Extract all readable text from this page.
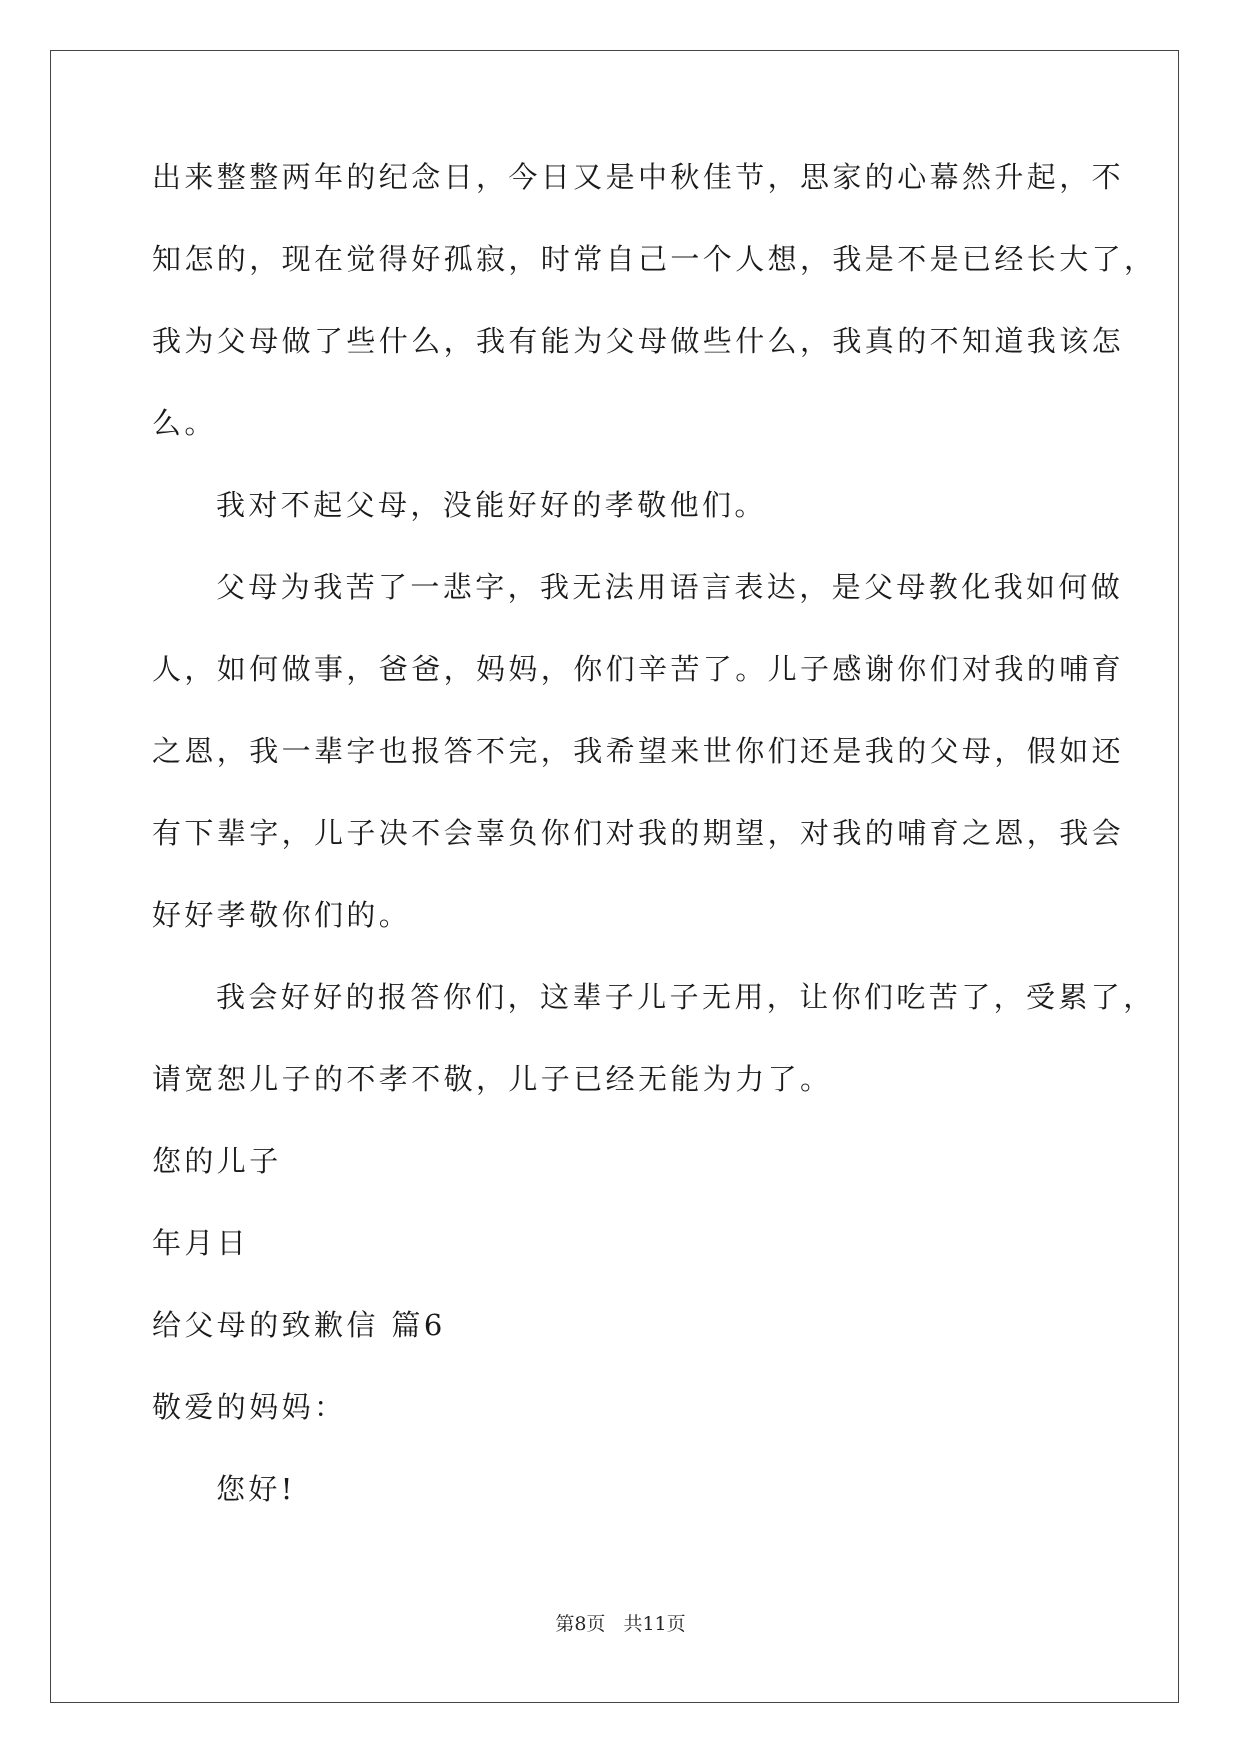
出来整整两年的纪念日，今日又是中秋佳节，思家的心幕然升起，不
知怎的，现在觉得好孤寂，时常自己一个人想，我是不是已经长大了，
我为父母做了些什么，我有能为父母做些什么，我真的不知道我该怎
么。
我对不起父母，没能好好的孝敬他们。
父母为我苦了一悲字，我无法用语言表达，是父母教化我如何做
人，如何做事，爸爸，妈妈，你们辛苦了。儿子感谢你们对我的哺育
之恩，我一辈字也报答不完，我希望来世你们还是我的父母，假如还
有下辈字，儿子决不会辜负你们对我的期望，对我的哺育之恩，我会
好好孝敬你们的。
我会好好的报答你们，这辈子儿子无用，让你们吃苦了，受累了，
请宽恕儿子的不孝不敬，儿子已经无能为力了。
您的儿子
年月日
给父母的致歉信 篇6
敬爱的妈妈：
您好!
第8页 共11页
